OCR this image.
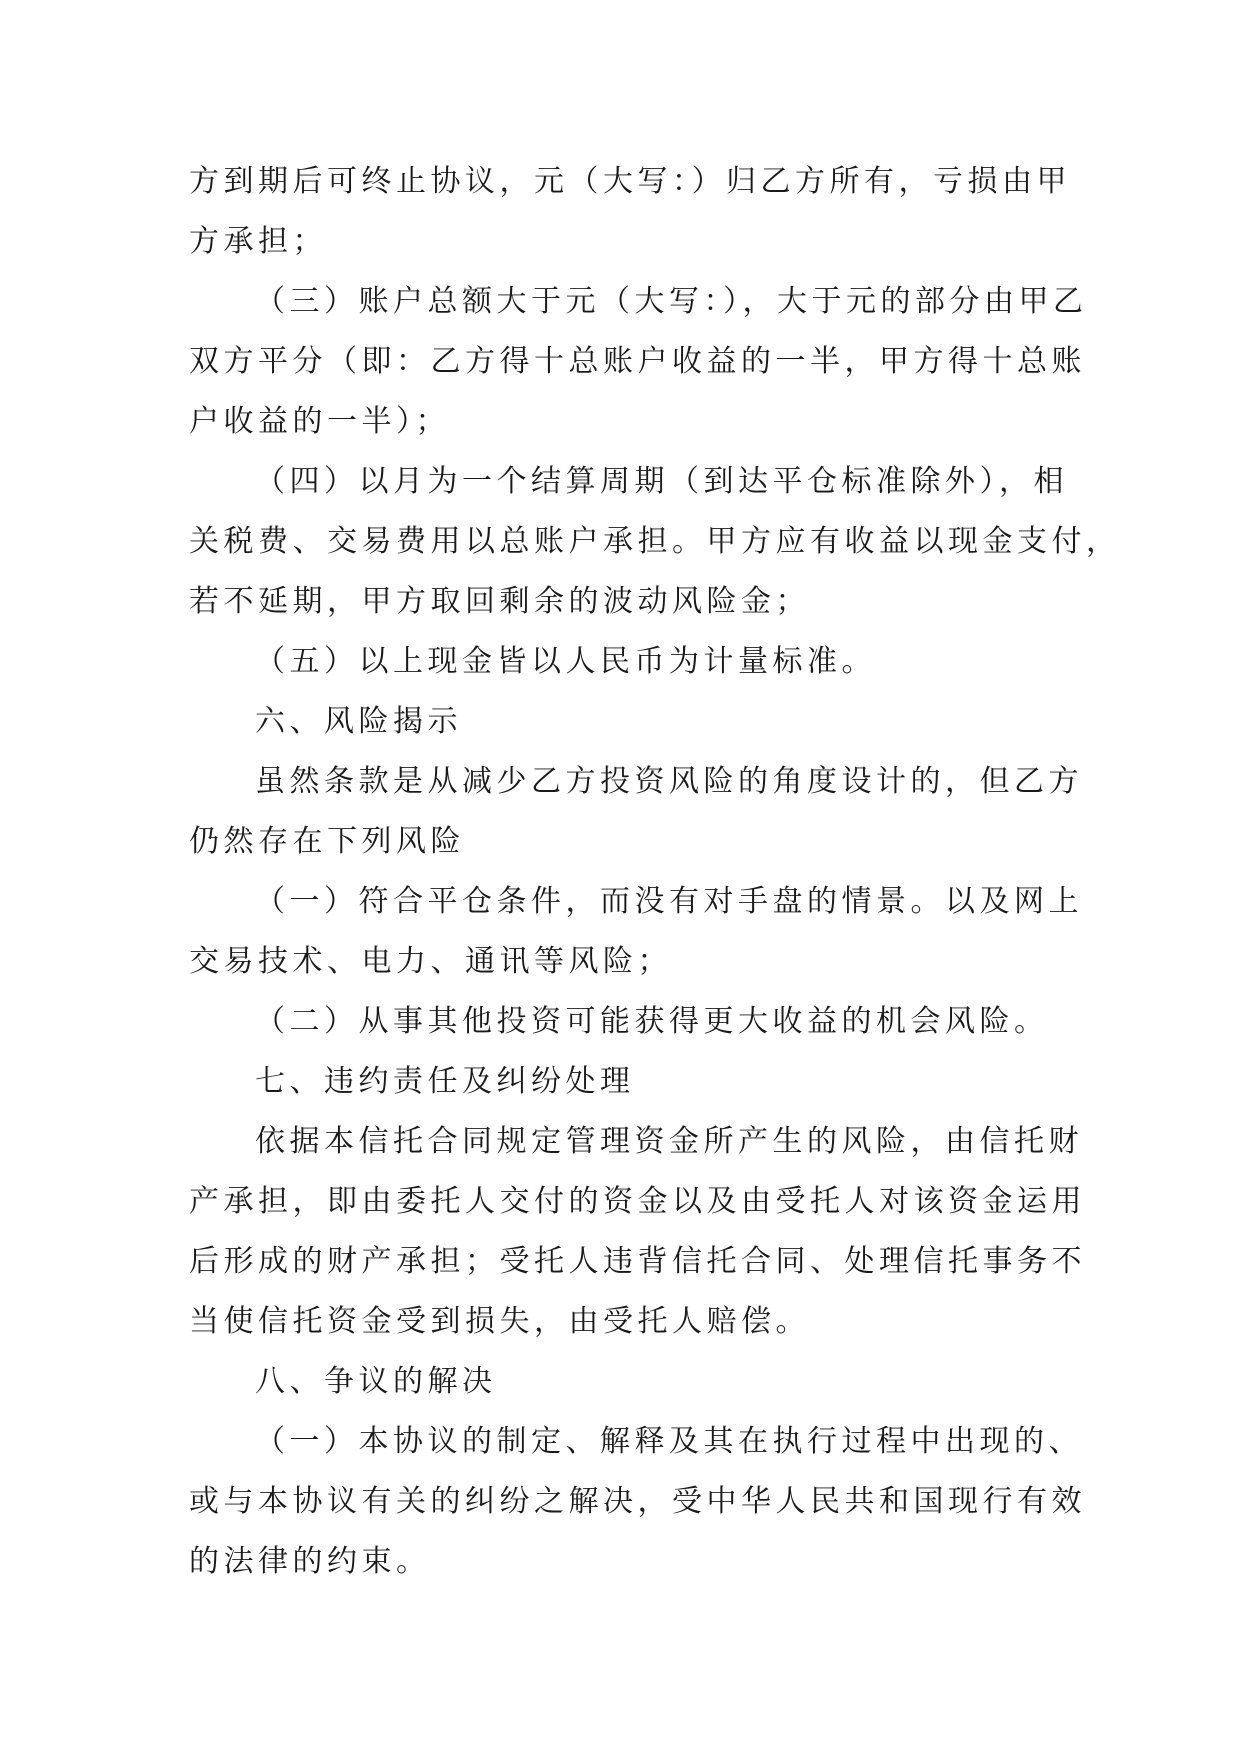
方到期后可终止协议，元（大写：）归乙方所有，亏损由甲
方承担；
（三）账户总额大于元（大写：），大于元的部分由甲乙
双方平分（即：乙方得十总账户收益的一半，甲方得十总账
户收益的一半）；
（四）以月为一个结算周期（到达平仓标准除外），相
关税费、交易费用以总账户承担。甲方应有收益以现金支付，
若不延期，甲方取回剩余的波动风险金；
（五）以上现金皆以人民币为计量标准。
六、风险揭示
虽然条款是从减少乙方投资风险的角度设计的，但乙方
仍然存在下列风险
（一）符合平仓条件，而没有对手盘的情景。以及网上
交易技术、电力、通讯等风险；
（二）从事其他投资可能获得更大收益的机会风险。
七、违约责任及纠纷处理
依据本信托合同规定管理资金所产生的风险，由信托财
产承担，即由委托人交付的资金以及由受托人对该资金运用
后形成的财产承担；受托人违背信托合同、处理信托事务不
当使信托资金受到损失，由受托人赔偿。
八、争议的解决
（一）本协议的制定、解释及其在执行过程中出现的、
或与本协议有关的纠纷之解决，受中华人民共和国现行有效
的法律的约束。
